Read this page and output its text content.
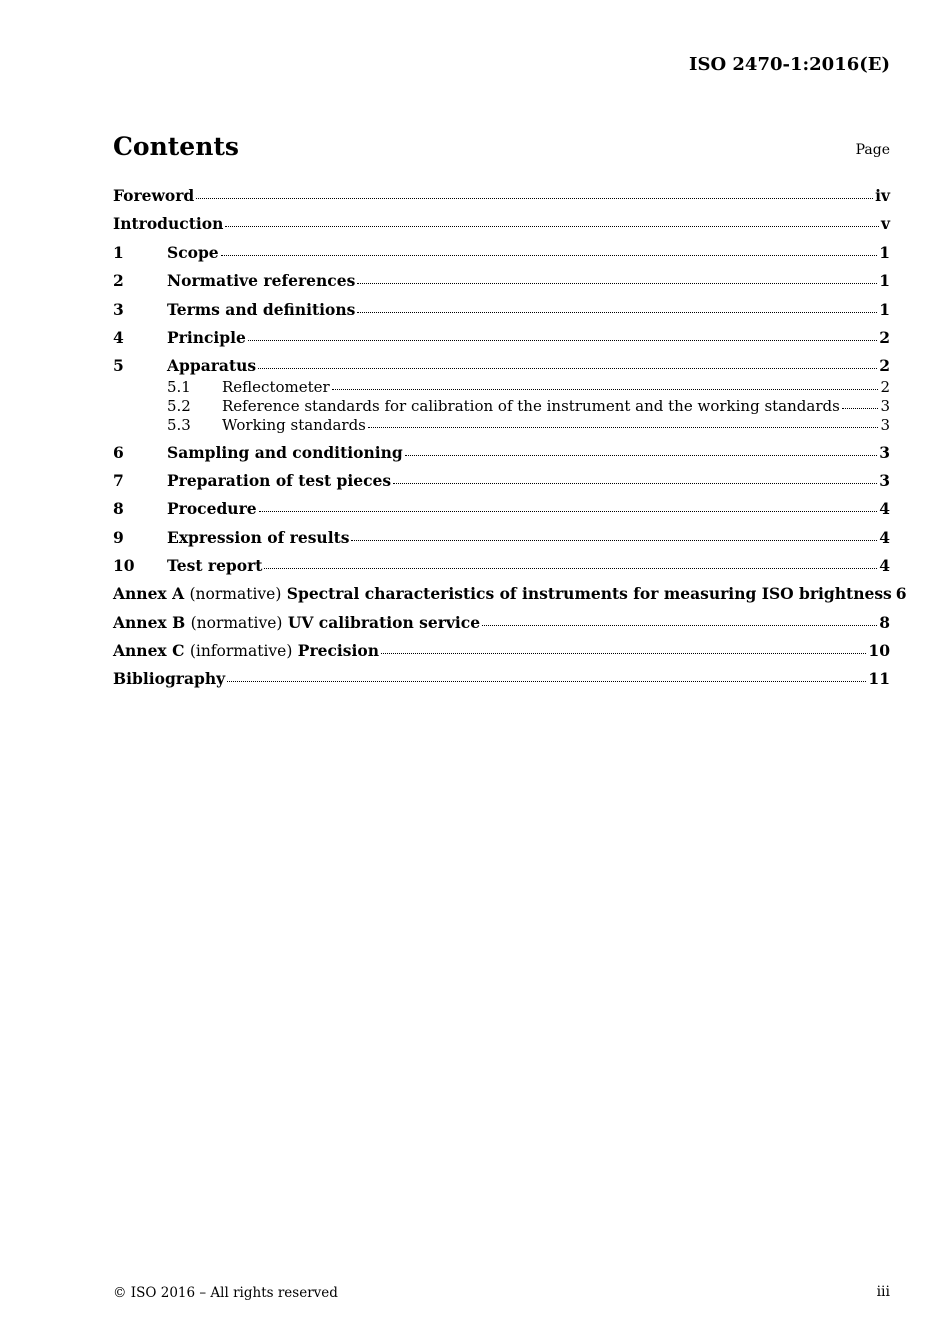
ISO 2470-1:2016(E)
Contents	Page
Foreword	iv
Introduction	v
1	Scope	1
2	Normative references	1
3	Terms and definitions	1
4	Principle	2
5	Apparatus	2
5.1	Reflectometer	2
5.2	Reference standards for calibration of the instrument and the working standards	3
5.3	Working standards	3
6	Sampling and conditioning	3
7	Preparation of test pieces	3
8	Procedure	4
9	Expression of results	4
10	Test report	4
Annex A (normative) Spectral characteristics of instruments for measuring ISO brightness 6
Annex B (normative) UV calibration service	8
Annex C (informative) Precision	10
Bibliography	11
© ISO 2016 – All rights reserved	iii
